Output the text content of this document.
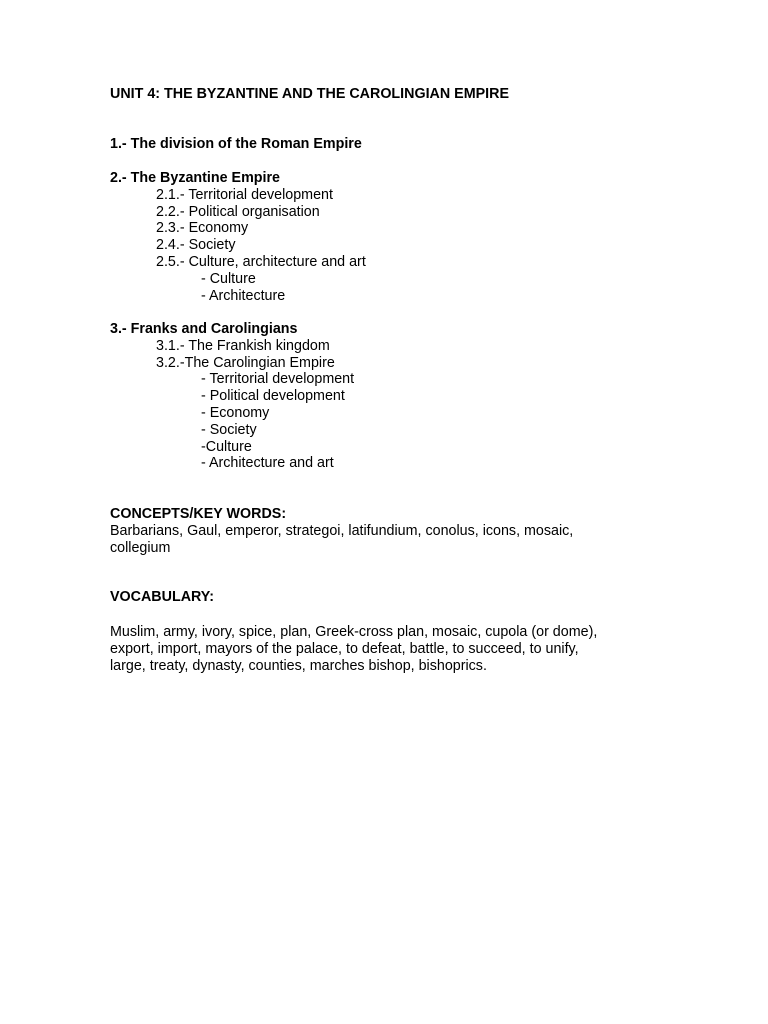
UNIT 4: THE BYZANTINE AND THE CAROLINGIAN EMPIRE
1.- The division of the Roman Empire
2.- The Byzantine Empire
2.1.- Territorial development
2.2.- Political organisation
2.3.- Economy
2.4.- Society
2.5.- Culture, architecture and art
- Culture
- Architecture
3.- Franks and Carolingians
3.1.- The Frankish kingdom
3.2.-The Carolingian Empire
- Territorial development
- Political development
- Economy
- Society
-Culture
- Architecture and art
CONCEPTS/KEY WORDS:
Barbarians, Gaul, emperor, strategoi, latifundium, conolus, icons, mosaic,
collegium
VOCABULARY:
Muslim, army, ivory, spice, plan, Greek-cross plan, mosaic, cupola (or dome),
export, import, mayors of the palace, to defeat, battle, to succeed, to unify,
large, treaty, dynasty, counties, marches bishop, bishoprics.
